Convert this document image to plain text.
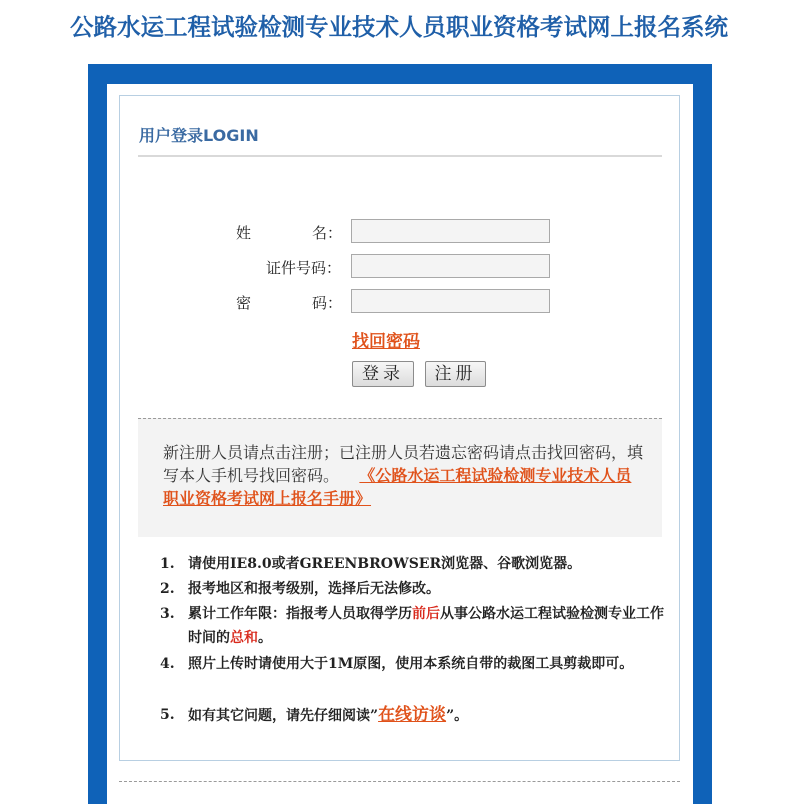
公路水运工程试验检测专业技术人员职业资格考试网上报名系统
用户登录LOGIN
姓	名：
证件号码：
密	码：
找回密码
登录	注册
新注册人员请点击注册；已注册人员若遗忘密码请点击找回密码，填写本人手机号找回密码。 《公路水运工程试验检测专业技术人员职业资格考试网上报名手册》
1. 请使用IE8.0或者GREENBROWSER浏览器、谷歌浏览器。
2. 报考地区和报考级别，选择后无法修改。
3. 累计工作年限：指报考人员取得学历前后从事公路水运工程试验检测专业工作时间的总和。
4. 照片上传时请使用大于1M原图，使用本系统自带的裁图工具剪裁即可。
5. 如有其它问题，请先仔细阅读”在线访谈”。
